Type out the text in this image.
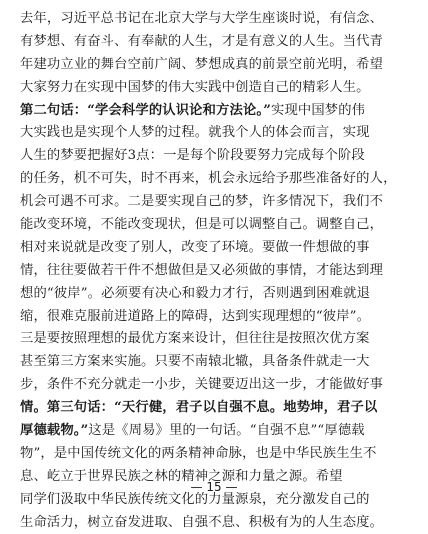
去年，习近平总书记在北京大学与大学生座谈时说，有信念、
有梦想、有奋斗、有奉献的人生，才是有意义的人生。当代青
年建功立业的舞台空前广阔、梦想成真的前景空前光明，希望
大家努力在实现中国梦的伟大实践中创造自己的精彩人生。
第二句话：“学会科学的认识论和方法论。”实现中国梦的伟
大实践也是实现个人梦的过程。就我个人的体会而言，实现
人生的梦要把握好3点：一是每个阶段要努力完成每个阶段
的任务，机不可失，时不再来，机会永远给予那些准备好的人，
机会可遇不可求。二是要实现自己的梦，许多情况下，我们不
能改变环境，不能改变现状，但是可以调整自己。调整自己，
相对来说就是改变了别人，改变了环境。要做一件想做的事
情，往往要做若干件不想做但是又必须做的事情，才能达到理
想的“彼岸”。必须要有决心和毅力才行，否则遇到困难就退
缩，很难克服前进道路上的障碍，达到实现理想的“彼岸”。
三是要按照理想的最优方案来设计，但往往是按照次优方案
甚至第三方案来实施。只要不南辕北辙，具备条件就走一大
步，条件不充分就走一小步，关键要迈出这一步，才能做好事
情。第三句话：“天行健，君子以自强不息。地势坤，君子以
厚德载物。”这是《周易》里的一句话。“自强不息”“厚德载
物”，是中国传统文化的两条精神命脉，也是中华民族生生不
息、屹立于世界民族之林的精神之源和力量之源。希望
同学们汲取中华民族传统文化的力量源泉，充分激发自己的
生命活力，树立奋发进取、自强不息、积极有为的人生态度。
— 15 —
